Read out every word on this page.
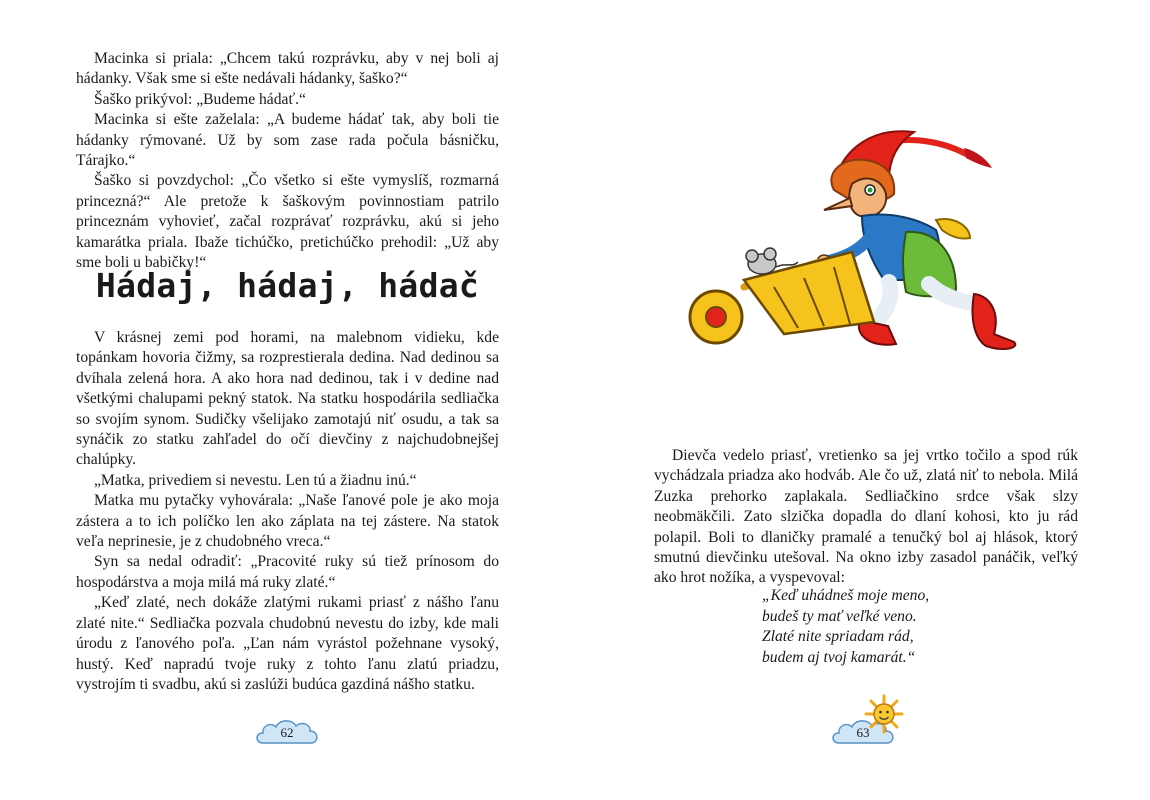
Macinka si priala: „Chcem takú rozprávku, aby v nej boli aj hádanky. Však sme si ešte nedávali hádanky, šaško?“

Šaško prikývol: „Budeme hádať.“

Macinka si ešte zaželala: „A budeme hádať tak, aby boli tie hádanky rýmované. Už by som zase rada počula básničku, Tárajko.“

Šaško si povzdychol: „Čo všetko si ešte vymyslíš, rozmarná princezná?“ Ale pretože k šaškovým povinnostiam patrilo princeznám vyhovieť, začal rozprávať rozprávku, akú si jeho kamarátka priala. Ibaže tichúčko, pretichúčko prehodil: „Už aby sme boli u babičky!“

Hádaj, hádaj, hádač

V krásnej zemi pod horami, na malebnom vidieku, kde topánkam hovoria čižmy, sa rozprestierala dedina. Nad dedinou sa dvíhala zelená hora. A ako hora nad dedinou, tak i v dedine nad všetkými chalupami pekný statok. Na statku hospodárila sedliačka so svojím synom. Sudičky všelijako zamotajú niť osudu, a tak sa synáčik zo statku zahľadel do očí dievčiny z najchudobnejšej chalúpky.

„Matka, privediem si nevestu. Len tú a žiadnu inú.“

Matka mu pytačky vyhovárala: „Naše ľanové pole je ako moja zástera a to ich políčko len ako záplata na tej zástere. Na statok veľa neprinesie, je z chudobného vreca.“

Syn sa nedal odradiť: „Pracovité ruky sú tiež prínosom do hospodárstva a moja milá má ruky zlaté.“

„Keď zlaté, nech dokáže zlatými rukami priasť z nášho ľanu zlaté nite.“ Sedliačka pozvala chudobnú nevestu do izby, kde mali úrodu z ľanového poľa. „Ľan nám vyrástol požehnane vysoký, hustý. Keď napradú tvoje ruky z tohto ľanu zlatú priadzu, vystrojím ti svadbu, akú si zaslúži budúca gazdiná nášho statku.

62

Dievča vedelo priasť, vretienko sa jej vrtko točilo a spod rúk vychádzala priadza ako hodváb. Ale čo už, zlatá niť to nebola. Milá Zuzka prehorko zaplakala. Sedliačkino srdce však slzy neobmäkčili. Zato slzička dopadla do dlaní kohosi, kto ju rád polapil. Boli to dlaničky pramalé a tenučký bol aj hlások, ktorý smutnú dievčinku utešoval. Na okno izby zasadol panáčik, veľký ako hrot nožíka, a vyspevoval:

„Keď uhádneš moje meno,
budeš ty mať veľké veno.
Zlaté nite spriadam rád,
budem aj tvoj kamarát.“
63
